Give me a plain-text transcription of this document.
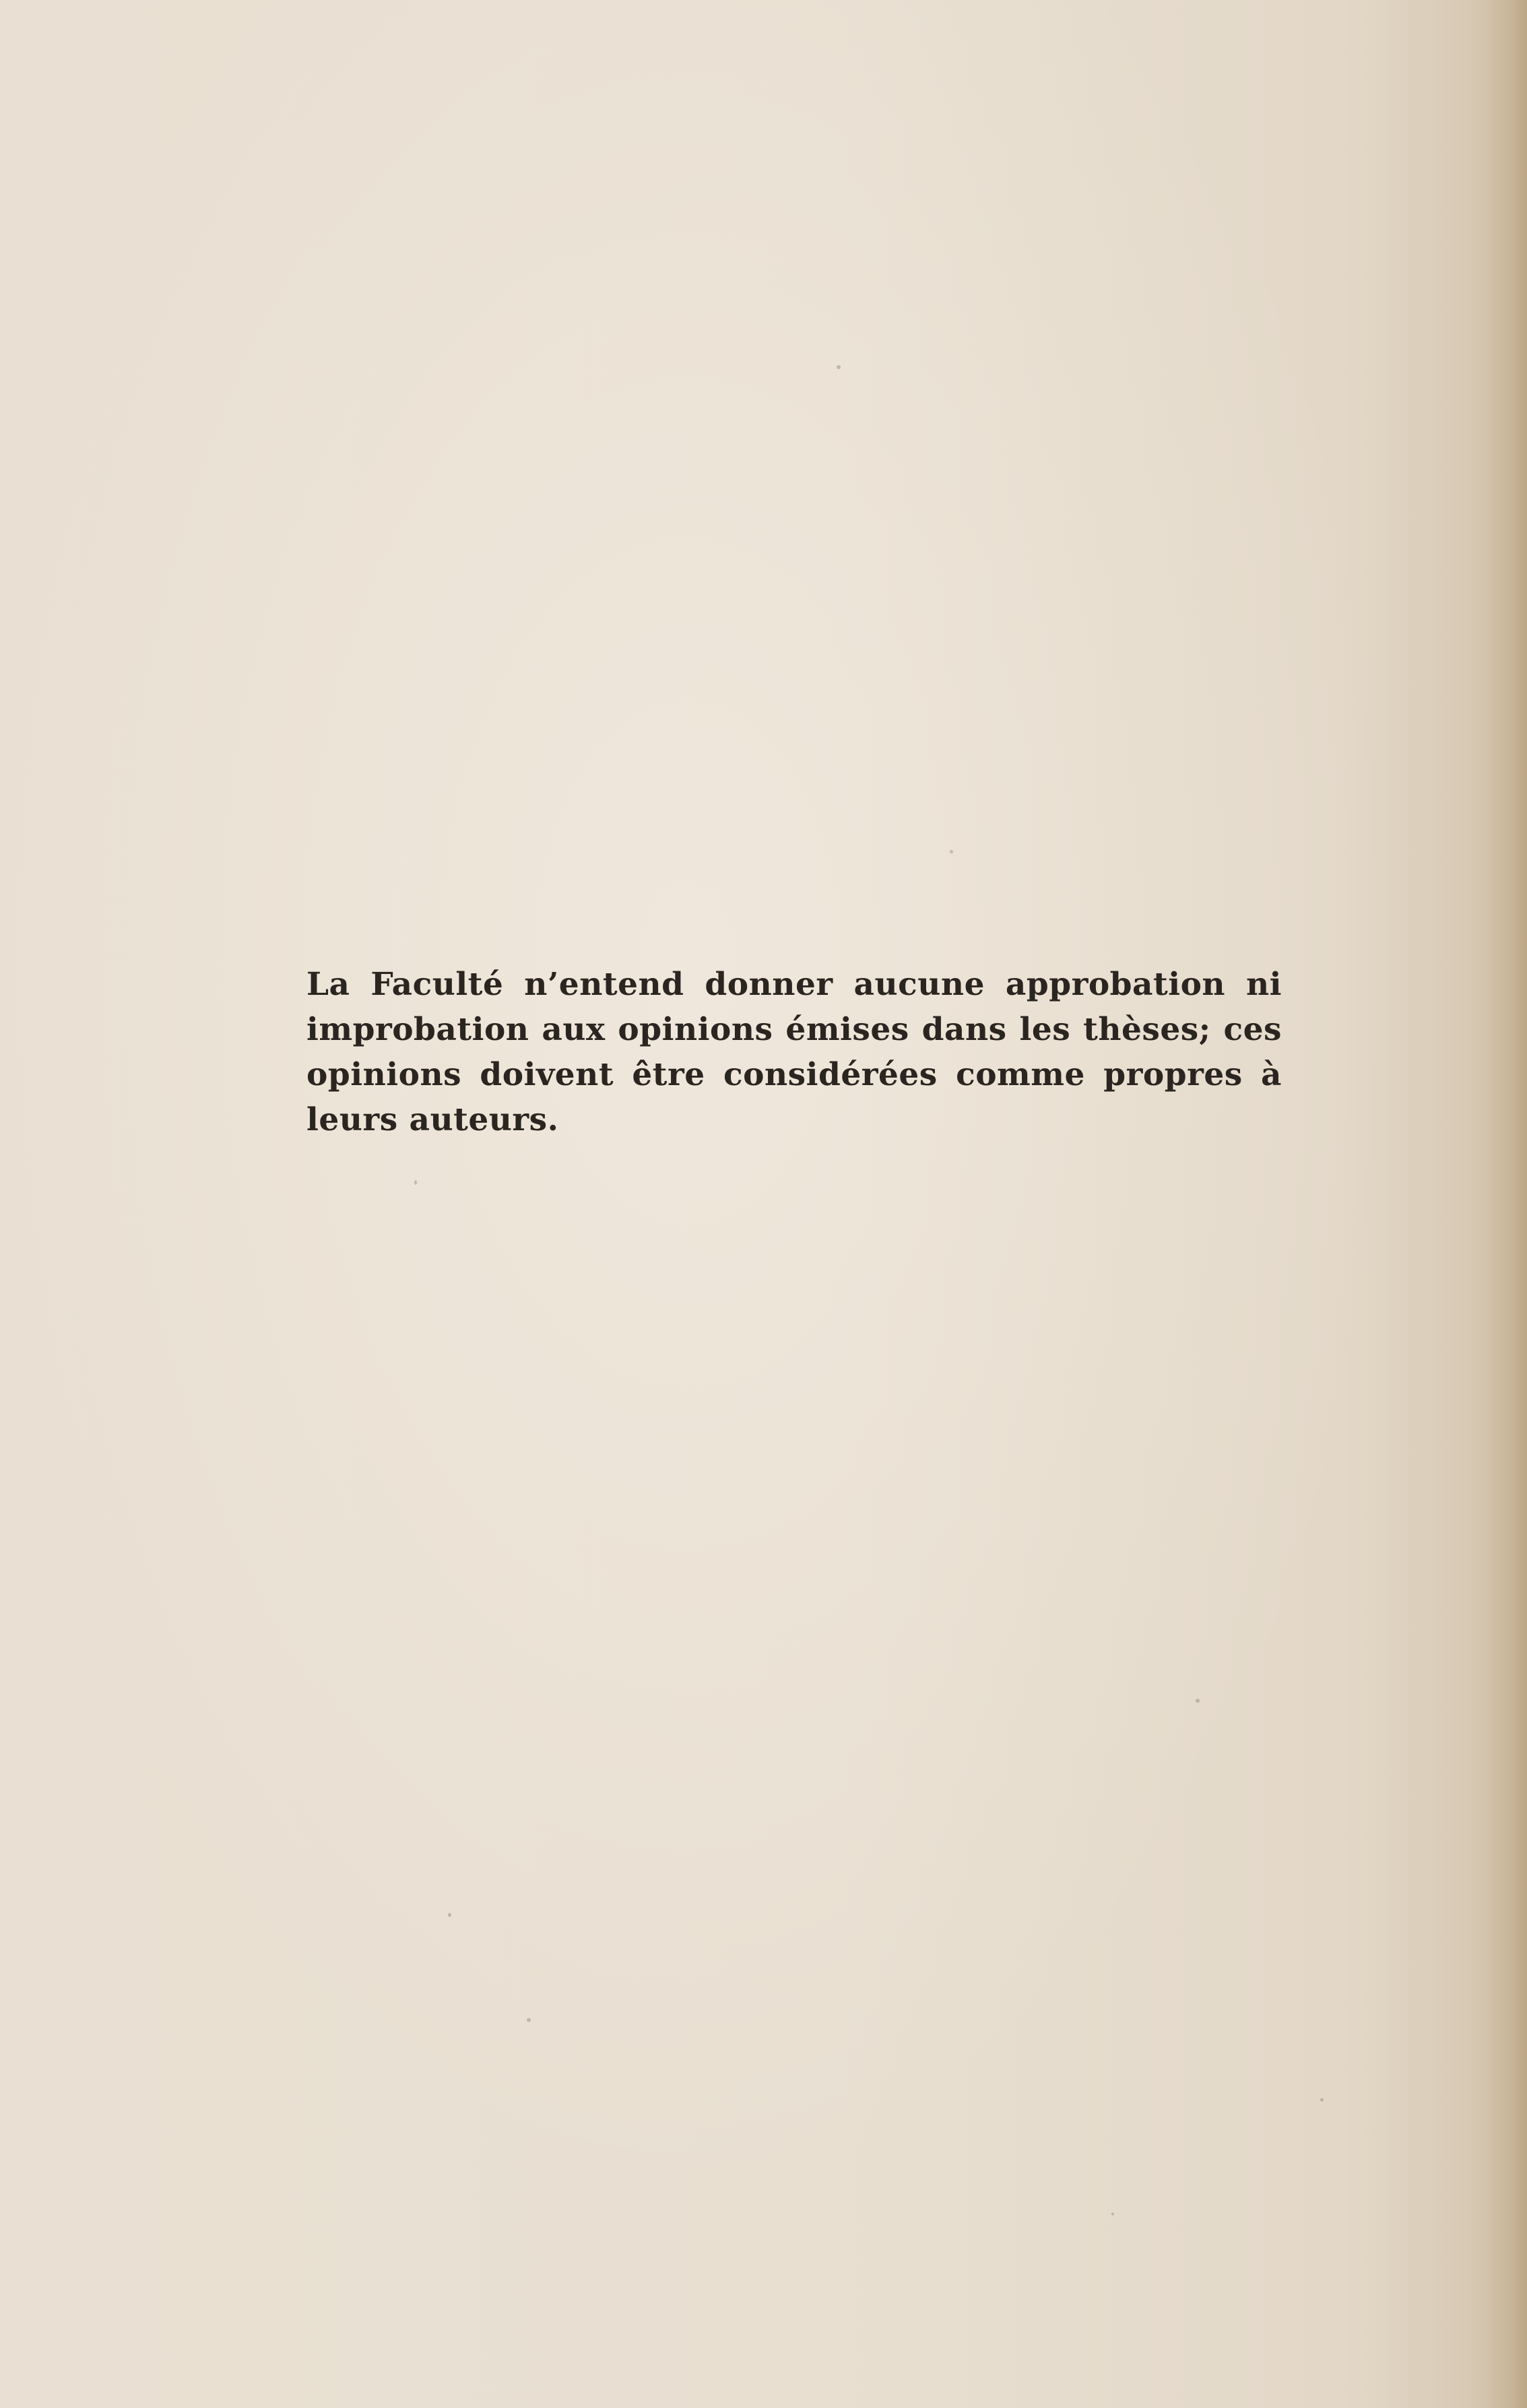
La Faculté n’entend donner aucune approbation ni improbation aux opinions émises dans les thèses; ces opinions doivent être considérées comme propres à leurs auteurs.
